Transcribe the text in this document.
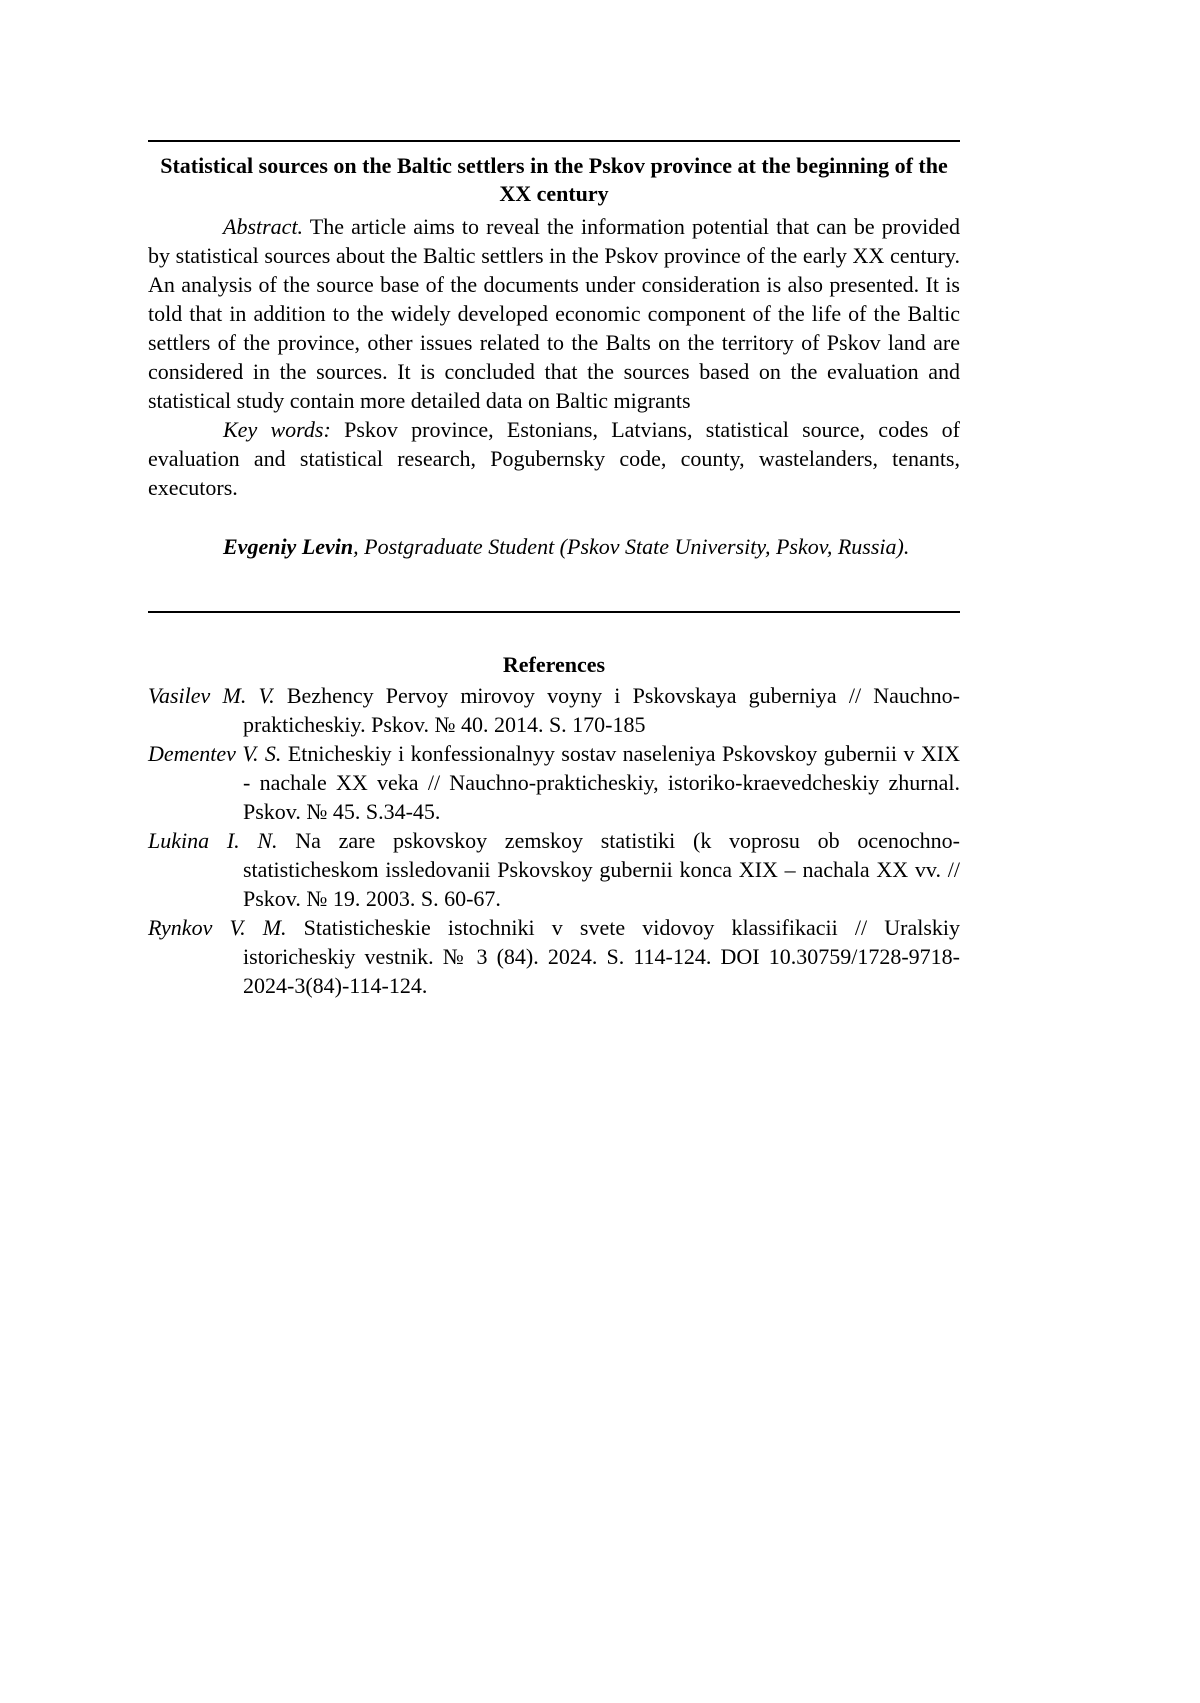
Statistical sources on the Baltic settlers in the Pskov province at the beginning of the XX century

Abstract. The article aims to reveal the information potential that can be provided by statistical sources about the Baltic settlers in the Pskov province of the early XX century. An analysis of the source base of the documents under consideration is also presented. It is told that in addition to the widely developed economic component of the life of the Baltic settlers of the province, other issues related to the Balts on the territory of Pskov land are considered in the sources. It is concluded that the sources based on the evaluation and statistical study contain more detailed data on Baltic migrants

Key words: Pskov province, Estonians, Latvians, statistical source, codes of evaluation and statistical research, Pogubernsky code, county, wastelanders, tenants, executors.

Evgeniy Levin, Postgraduate Student (Pskov State University, Pskov, Russia).

References
Vasilev M. V. Bezhency Pervoy mirovoy voyny i Pskovskaya guberniya // Nauchno-prakticheskiy. Pskov. № 40. 2014. S. 170-185
Dementev V. S. Etnicheskiy i konfessionalnyy sostav naseleniya Pskovskoy gubernii v XIX - nachale XX veka // Nauchno-prakticheskiy, istoriko-kraevedcheskiy zhurnal. Pskov. № 45. S.34-45.
Lukina I. N. Na zare pskovskoy zemskoy statistiki (k voprosu ob ocenochno-statisticheskom issledovanii Pskovskoy gubernii konca XIX – nachala XX vv. // Pskov. № 19. 2003. S. 60-67.
Rynkov V. M. Statisticheskie istochniki v svete vidovoy klassifikacii // Uralskiy istoricheskiy vestnik. № 3 (84). 2024. S. 114-124. DOI 10.30759/1728-9718-2024-3(84)-114-124.
